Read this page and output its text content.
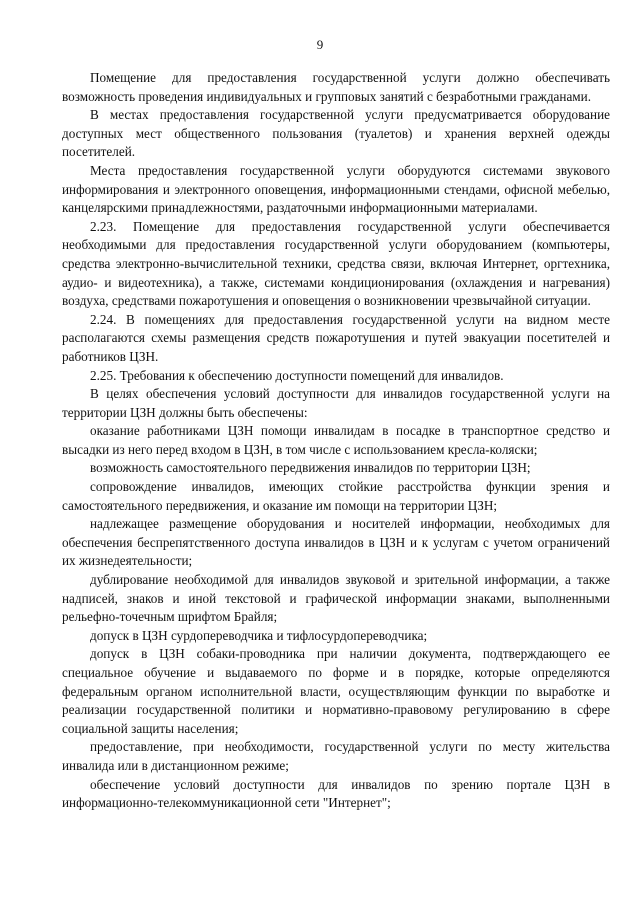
9

Помещение для предоставления государственной услуги должно обеспечивать возможность проведения индивидуальных и групповых занятий с безработными гражданами.

В местах предоставления государственной услуги предусматривается оборудование доступных мест общественного пользования (туалетов) и хранения верхней одежды посетителей.

Места предоставления государственной услуги оборудуются системами звукового информирования и электронного оповещения, информационными стендами, офисной мебелью, канцелярскими принадлежностями, раздаточными информационными материалами.

2.23. Помещение для предоставления государственной услуги обеспечивается необходимыми для предоставления государственной услуги оборудованием (компьютеры, средства электронно-вычислительной техники, средства связи, включая Интернет, оргтехника, аудио- и видеотехника), а также, системами кондиционирования (охлаждения и нагревания) воздуха, средствами пожаротушения и оповещения о возникновении чрезвычайной ситуации.

2.24. В помещениях для предоставления государственной услуги на видном месте располагаются схемы размещения средств пожаротушения и путей эвакуации посетителей и работников ЦЗН.

2.25. Требования к обеспечению доступности помещений для инвалидов.

В целях обеспечения условий доступности для инвалидов государственной услуги на территории ЦЗН должны быть обеспечены:

оказание работниками ЦЗН помощи инвалидам в посадке в транспортное средство и высадки из него перед входом в ЦЗН, в том числе с использованием кресла-коляски;

возможность самостоятельного передвижения инвалидов по территории ЦЗН;

сопровождение инвалидов, имеющих стойкие расстройства функции зрения и самостоятельного передвижения, и оказание им помощи на территории ЦЗН;

надлежащее размещение оборудования и носителей информации, необходимых для обеспечения беспрепятственного доступа инвалидов в ЦЗН и к услугам с учетом ограничений их жизнедеятельности;

дублирование необходимой для инвалидов звуковой и зрительной информации, а также надписей, знаков и иной текстовой и графической информации знаками, выполненными рельефно-точечным шрифтом Брайля;

допуск в ЦЗН сурдопереводчика и тифлосурдопереводчика;

допуск в ЦЗН собаки-проводника при наличии документа, подтверждающего ее специальное обучение и выдаваемого по форме и в порядке, которые определяются федеральным органом исполнительной власти, осуществляющим функции по выработке и реализации государственной политики и нормативно-правовому регулированию в сфере социальной защиты населения;

предоставление, при необходимости, государственной услуги по месту жительства инвалида или в дистанционном режиме;

обеспечение условий доступности для инвалидов по зрению портале ЦЗН в информационно-телекоммуникационной сети "Интернет";
